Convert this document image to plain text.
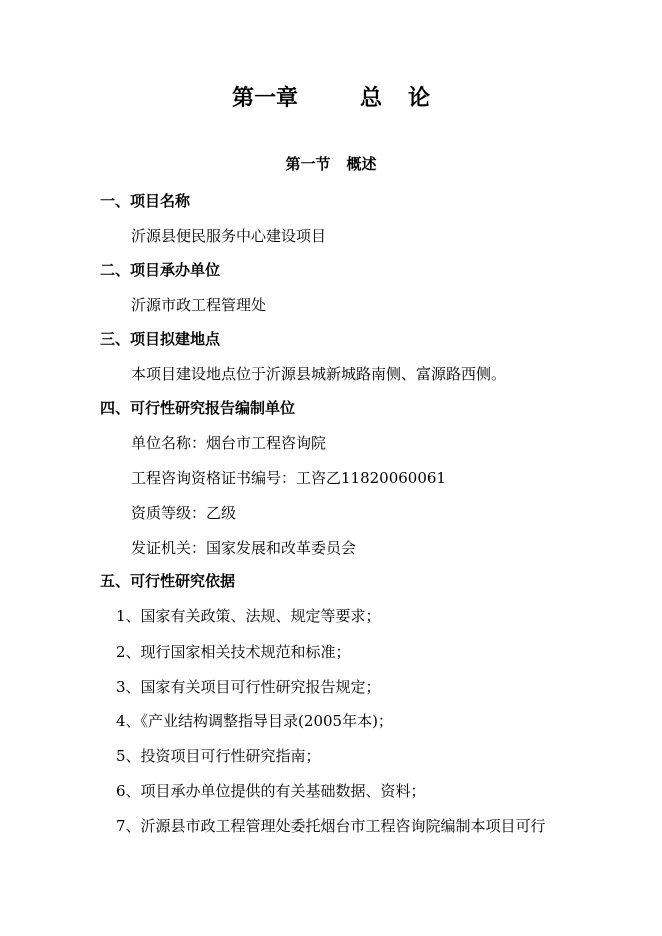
第一章	总 论
第一节 概述
一、项目名称
沂源县便民服务中心建设项目
二、项目承办单位
沂源市政工程管理处
三、项目拟建地点
本项目建设地点位于沂源县城新城路南侧、富源路西侧。
四、可行性研究报告编制单位
单位名称：烟台市工程咨询院
工程咨询资格证书编号：工咨乙11820060061
资质等级：乙级
发证机关：国家发展和改革委员会
五、可行性研究依据
1、国家有关政策、法规、规定等要求；
2、现行国家相关技术规范和标准；
3、国家有关项目可行性研究报告规定；
4、《产业结构调整指导目录(2005年本)；
5、投资项目可行性研究指南；
6、项目承办单位提供的有关基础数据、资料；
7、沂源县市政工程管理处委托烟台市工程咨询院编制本项目可行
